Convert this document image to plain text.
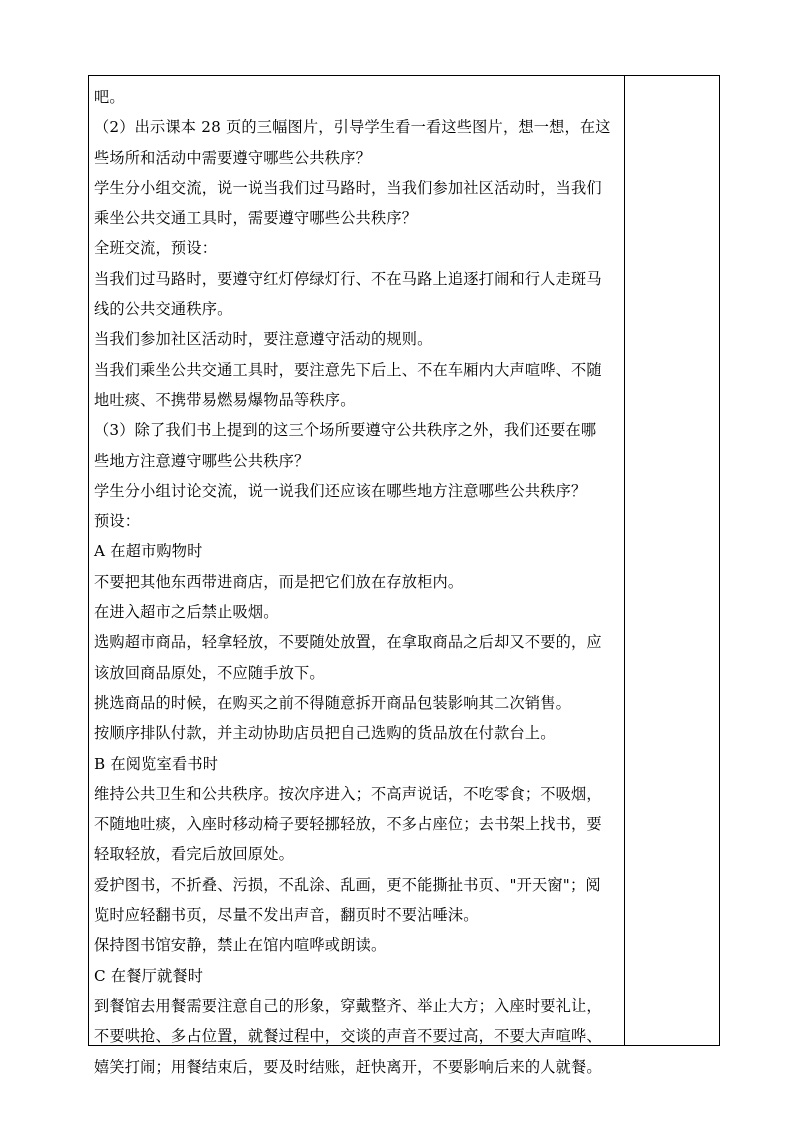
吧。

（2）出示课本 28 页的三幅图片，引导学生看一看这些图片，想一想，在这

些场所和活动中需要遵守哪些公共秩序？

学生分小组交流，说一说当我们过马路时，当我们参加社区活动时，当我们

乘坐公共交通工具时，需要遵守哪些公共秩序？

全班交流，预设：

当我们过马路时，要遵守红灯停绿灯行、不在马路上追逐打闹和行人走斑马

线的公共交通秩序。

当我们参加社区活动时，要注意遵守活动的规则。

当我们乘坐公共交通工具时，要注意先下后上、不在车厢内大声喧哗、不随

地吐痰、不携带易燃易爆物品等秩序。

（3）除了我们书上提到的这三个场所要遵守公共秩序之外，我们还要在哪

些地方注意遵守哪些公共秩序？

学生分小组讨论交流，说一说我们还应该在哪些地方注意哪些公共秩序？

预设：

A 在超市购物时

不要把其他东西带进商店，而是把它们放在存放柜内。

在进入超市之后禁止吸烟。

选购超市商品，轻拿轻放，不要随处放置，在拿取商品之后却又不要的，应

该放回商品原处，不应随手放下。

挑选商品的时候，在购买之前不得随意拆开商品包装影响其二次销售。

按顺序排队付款，并主动协助店员把自己选购的货品放在付款台上。

B 在阅览室看书时

维持公共卫生和公共秩序。按次序进入；不高声说话，不吃零食；不吸烟，

不随地吐痰，入座时移动椅子要轻挪轻放，不多占座位；去书架上找书，要

轻取轻放，看完后放回原处。

爱护图书，不折叠、污损，不乱涂、乱画，更不能撕扯书页、"开天窗"；阅

览时应轻翻书页，尽量不发出声音，翻页时不要沾唾沫。

保持图书馆安静，禁止在馆内喧哗或朗读。

C 在餐厅就餐时

到餐馆去用餐需要注意自己的形象，穿戴整齐、举止大方；入座时要礼让，

不要哄抢、多占位置，就餐过程中，交谈的声音不要过高，不要大声喧哗、

嬉笑打闹；用餐结束后，要及时结账，赶快离开，不要影响后来的人就餐。
